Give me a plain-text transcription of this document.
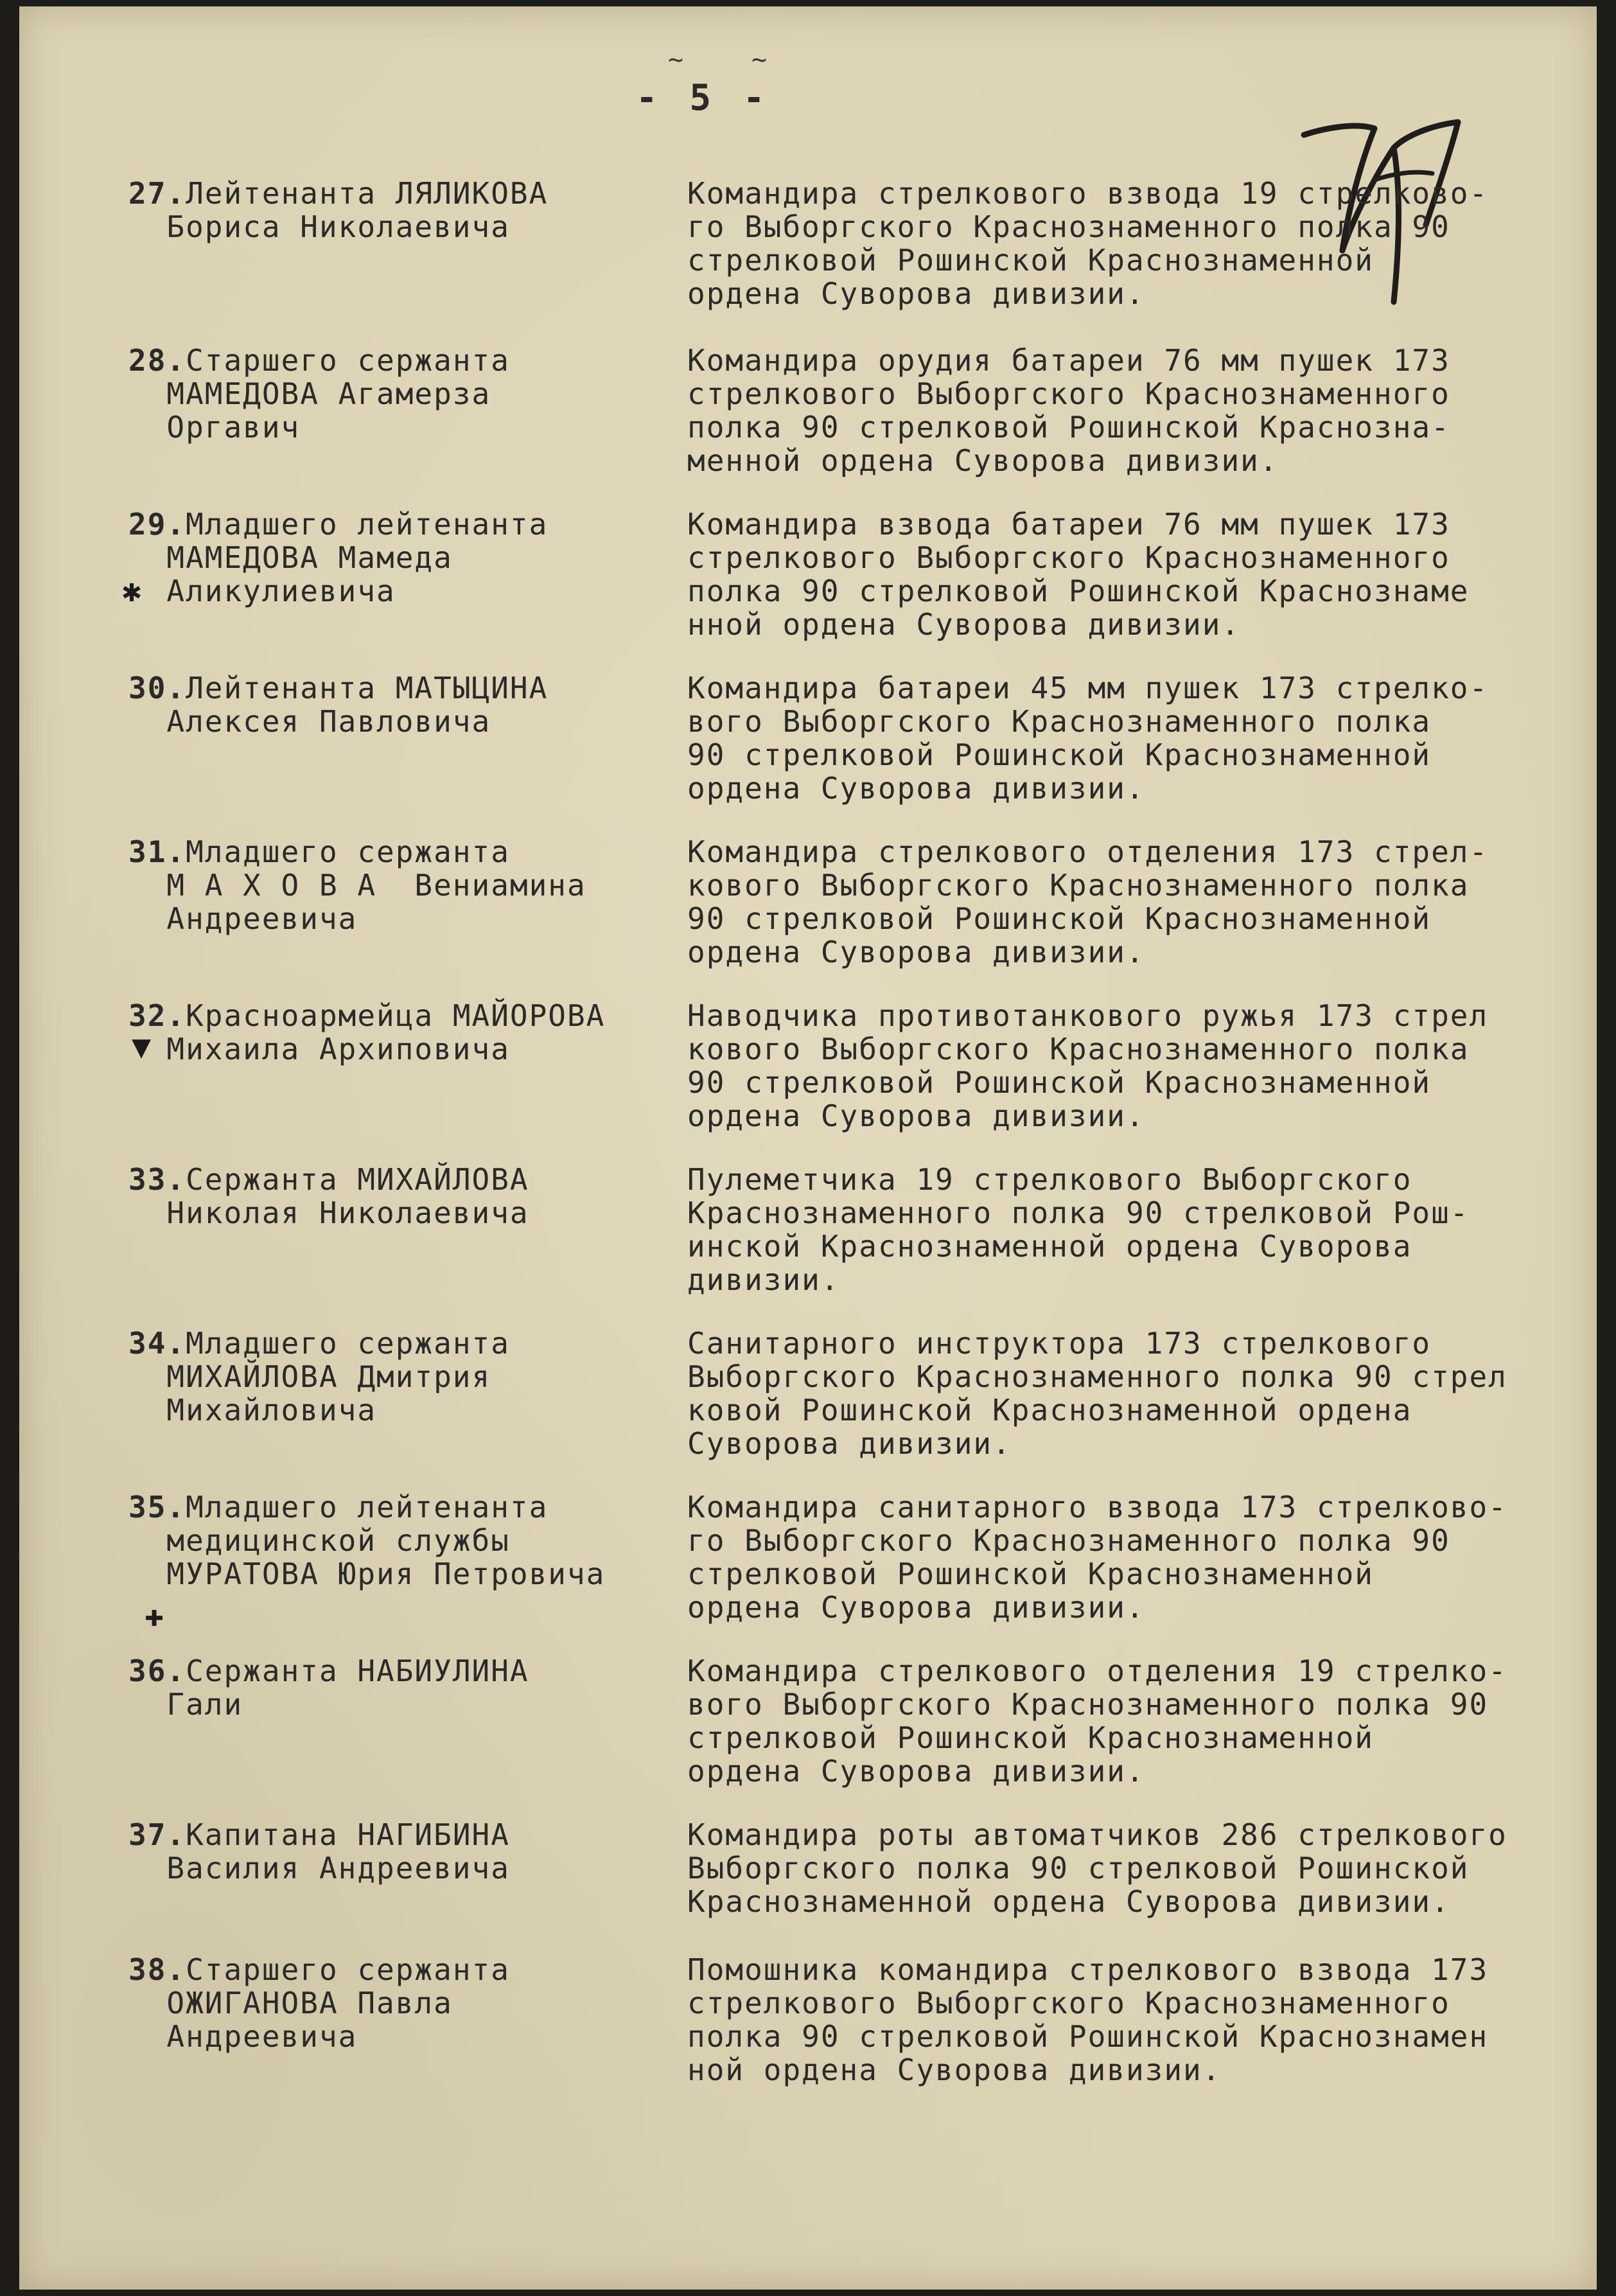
~	~
- 5 -
✱
▼
✚
27.Лейтенанта ЛЯЛИКОВА
Бориса Николаевича
Командира стрелкового взвода 19 стрелково-
го Выборгского Краснознаменного полка 90
стрелковой Рошинской Краснознаменной
ордена Суворова дивизии.
28.Старшего сержанта
МАМЕДОВА Агамерза
Оргавич
Командира орудия батареи 76 мм пушек 173
стрелкового Выборгского Краснознаменного
полка 90 стрелковой Рошинской Краснозна-
менной ордена Суворова дивизии.
29.Младшего лейтенанта
МАМЕДОВА Мамеда
Аликулиевича
Командира взвода батареи 76 мм пушек 173
стрелкового Выборгского Краснознаменного
полка 90 стрелковой Рошинской Краснознаме
нной ордена Суворова дивизии.
30.Лейтенанта МАТЫЦИНА
Алексея Павловича
Командира батареи 45 мм пушек 173 стрелко-
вого Выборгского Краснознаменного полка
90 стрелковой Рошинской Краснознаменной
ордена Суворова дивизии.
31.Младшего сержанта
М А Х О В А  Вениамина
Андреевича
Командира стрелкового отделения 173 стрел-
кового Выборгского Краснознаменного полка
90 стрелковой Рошинской Краснознаменной
ордена Суворова дивизии.
32.Красноармейца МАЙОРОВА
Михаила Архиповича
Наводчика противотанкового ружья 173 стрел
кового Выборгского Краснознаменного полка
90 стрелковой Рошинской Краснознаменной
ордена Суворова дивизии.
33.Сержанта МИХАЙЛОВА
Николая Николаевича
Пулеметчика 19 стрелкового Выборгского
Краснознаменного полка 90 стрелковой Рош-
инской Краснознаменной ордена Суворова
дивизии.
34.Младшего сержанта
МИХАЙЛОВА Дмитрия
Михайловича
Санитарного инструктора 173 стрелкового
Выборгского Краснознаменного полка 90 стрел
ковой Рошинской Краснознаменной ордена
Суворова дивизии.
35.Младшего лейтенанта
медицинской службы
МУРАТОВА Юрия Петровича
Командира санитарного взвода 173 стрелково-
го Выборгского Краснознаменного полка 90
стрелковой Рошинской Краснознаменной
ордена Суворова дивизии.
36.Сержанта НАБИУЛИНА
Гали
Командира стрелкового отделения 19 стрелко-
вого Выборгского Краснознаменного полка 90
стрелковой Рошинской Краснознаменной
ордена Суворова дивизии.
37.Капитана НАГИБИНА
Василия Андреевича
Командира роты автоматчиков 286 стрелкового
Выборгского полка 90 стрелковой Рошинской
Краснознаменной ордена Суворова дивизии.
38.Старшего сержанта
ОЖИГАНОВА Павла
Андреевича
Помошника командира стрелкового взвода 173
стрелкового Выборгского Краснознаменного
полка 90 стрелковой Рошинской Краснознамен
ной ордена Суворова дивизии.
